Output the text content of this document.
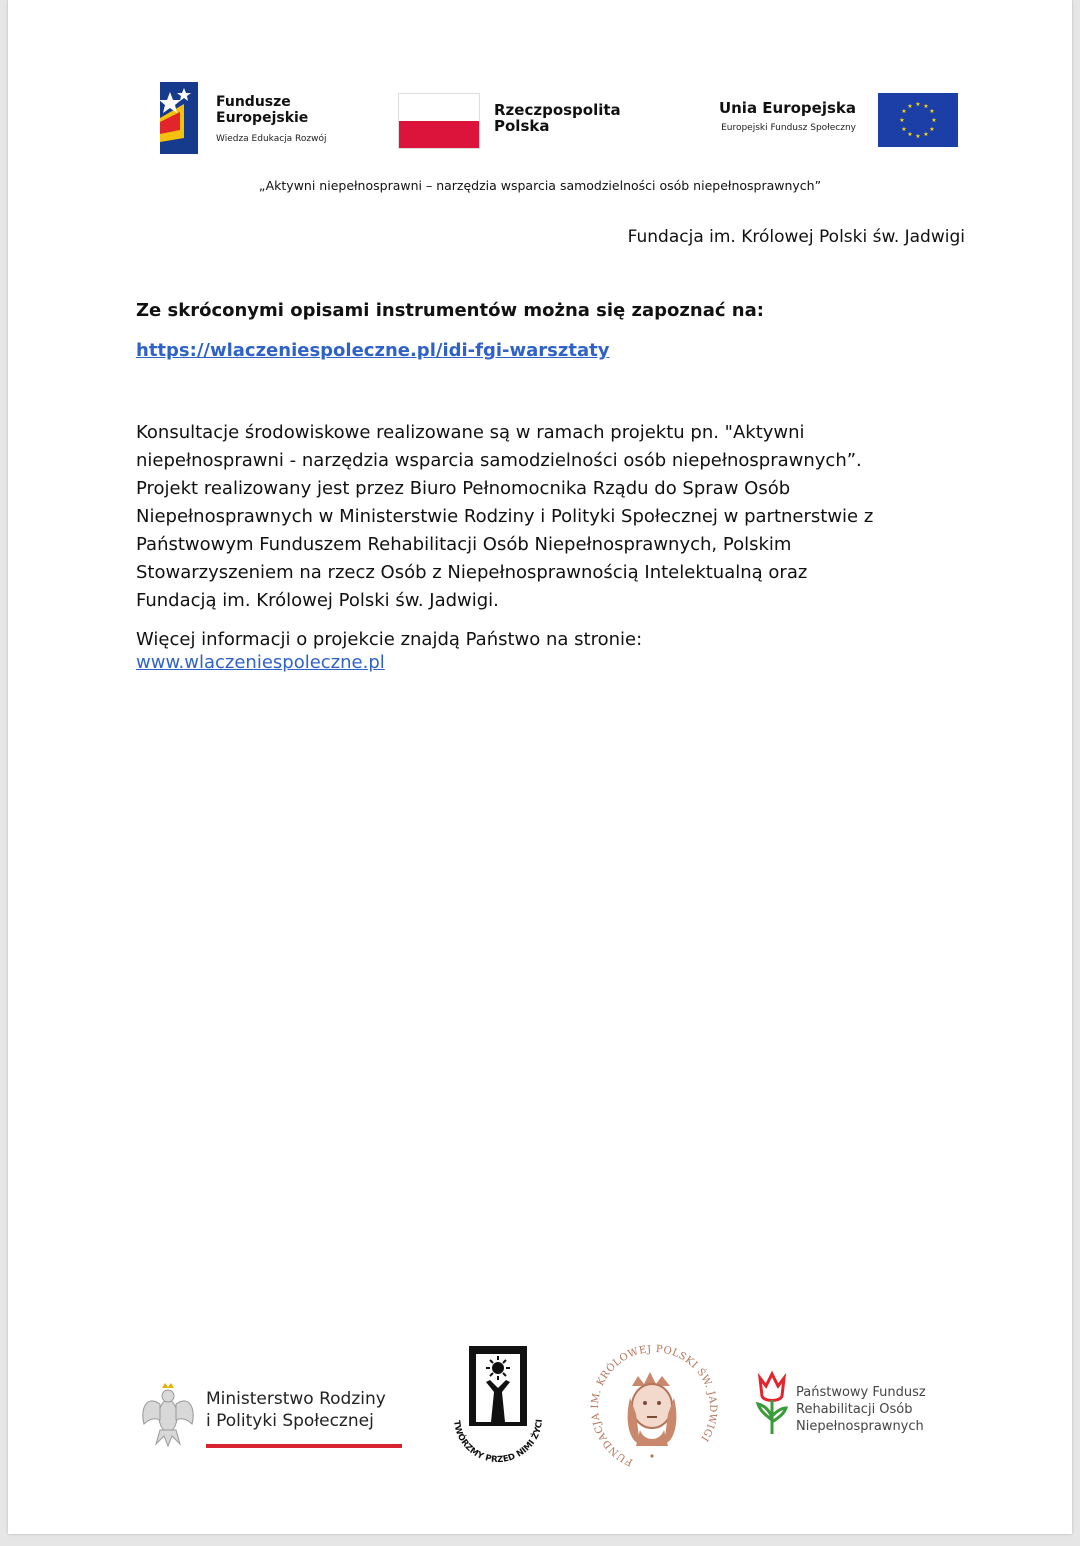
Fundusze
Europejskie
Wiedza Edukacja Rozwój
Rzeczpospolita
Polska
Unia Europejska
Europejski Fundusz Społeczny
★ ★
★
★
★
★
★
★
★
★
★
★
„Aktywni niepełnosprawni – narzędzia wsparcia samodzielności osób niepełnosprawnych”
Fundacja im. Królowej Polski św. Jadwigi
Ze skróconymi opisami instrumentów można się zapoznać na:
https://wlaczeniespoleczne.pl/idi-fgi-warsztaty
Konsultacje środowiskowe realizowane są w ramach projektu pn. "Aktywni
niepełnosprawni - narzędzia wsparcia samodzielności osób niepełnosprawnych”.
Projekt realizowany jest przez Biuro Pełnomocnika Rządu do Spraw Osób
Niepełnosprawnych w Ministerstwie Rodziny i Polityki Społecznej w partnerstwie z
Państwowym Funduszem Rehabilitacji Osób Niepełnosprawnych, Polskim
Stowarzyszeniem na rzecz Osób z Niepełnosprawnością Intelektualną oraz
Fundacją im. Królowej Polski św. Jadwigi.
Więcej informacji o projekcie znajdą Państwo na stronie:
www.wlaczeniespoleczne.pl
Ministerstwo Rodziny
i Polityki Społecznej	TWÓRZMY PRZED NIMI ŻYCI
FUNDACJA IM. KRÓLOWEJ POLSKI ŚW. JADWIGI
Państwowy Fundusz
Rehabilitacji Osób
Niepełnosprawnych
